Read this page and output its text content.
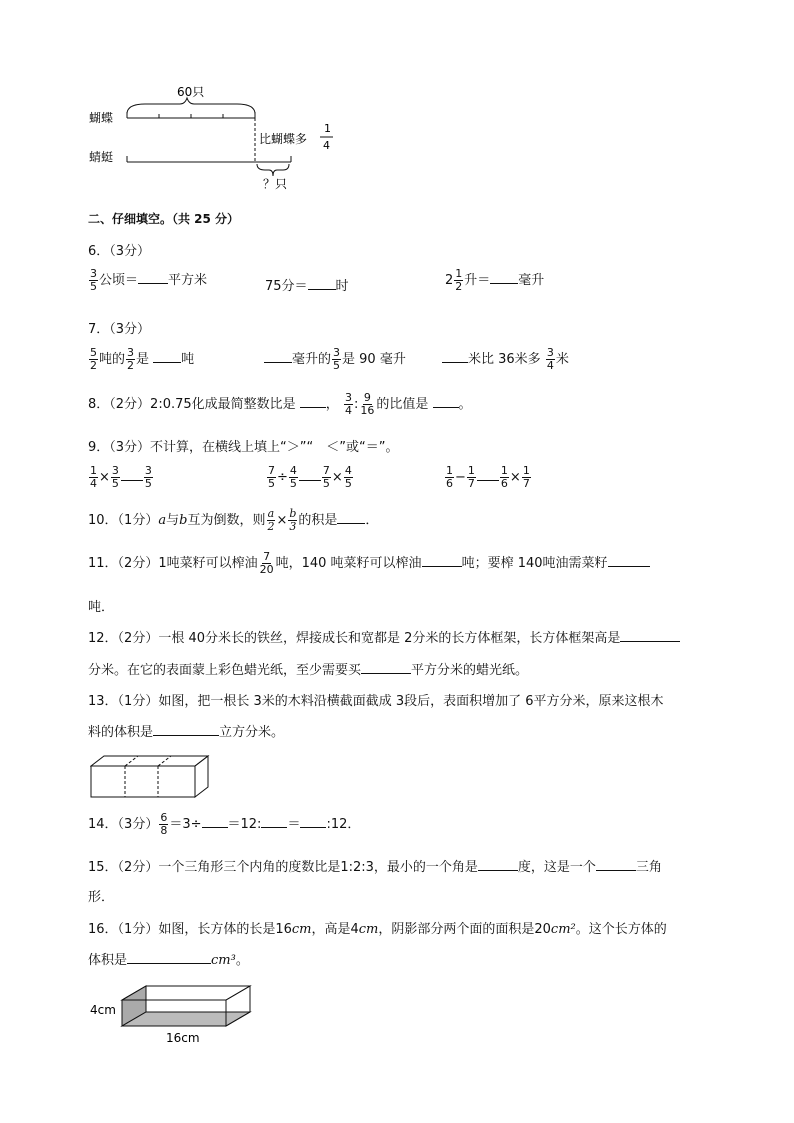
60只
蝴蝶
比蝴蝶多
1
4
蜻蜓
？只
二、仔细填空。（共 25 分）
6．（3分）
$\frac{3}{5}$ 公顷＝ 平方米	75分＝ 时	$2 \frac{1}{2}$ 升＝ 毫升
7．（3分）
$\frac{5}{2}$ 吨的 $\frac{3}{2}$ 是 吨	毫升的 $\frac{3}{5}$ 是 90 毫升	米比 36米多 $\frac{3}{4}$ 米
8．（2分）2:0.75化成最简整数比是 ， $\frac{3}{4}$ : $\frac{9}{16}$ 的比值是 。
9．（3分）不计算，在横线上填上“＞”“　＜”或“＝”。
$\frac{1}{4} \times \frac{3}{5} \frac{3}{5}$	$\frac{7}{5} \div \frac{4}{5} \frac{7}{5} \times \frac{4}{5}$	$\frac{1}{6} - \frac{1}{7} \frac{1}{6} \times \frac{1}{7}$
10．（1分）a与b互为倒数，则 $\frac{a}{2} \times \frac{b}{3}$ 的积是 ．
11．（2分）1吨菜籽可以榨油 $\frac{7}{20}$ 吨，140 吨菜籽可以榨油	吨；要榨 140吨油需菜籽
吨．
12．（2分）一根 40分米长的铁丝，焊接成长和宽都是 2分米的长方体框架，长方体框架高是
分米。在它的表面蒙上彩色蜡光纸，至少需要买	平方分米的蜡光纸。
13．（1分）如图，把一根长 3米的木料沿横截面截成 3段后，表面积增加了 6平方分米，原来这根木
料的体积是	立方分米。
14．（3分） $\frac{6}{8} =3\div =12$: ＝ :12．
15．（2分）一个三角形三个内角的度数比是1:2:3，最小的一个角是	度，这是一个	三角
形．
16．（1分）如图，长方体的长是16cm，高是4cm，阴影部分两个面的面积是20cm²。这个长方体的
体积是	cm³。
4cm
16cm
